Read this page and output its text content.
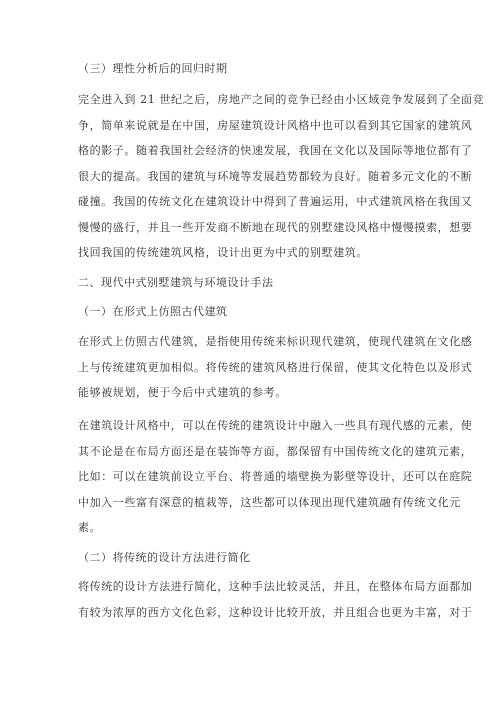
（三）理性分析后的回归时期
完全进入到 21 世纪之后，房地产之间的竞争已经由小区域竞争发展到了全面竞
争，简单来说就是在中国，房屋建筑设计风格中也可以看到其它国家的建筑风
格的影子。随着我国社会经济的快速发展，我国在文化以及国际等地位都有了
很大的提高。我国的建筑与环境等发展趋势都较为良好。随着多元文化的不断
碰撞。我国的传统文化在建筑设计中得到了普遍运用，中式建筑风格在我国又
慢慢的盛行，并且一些开发商不断地在现代的别墅建设风格中慢慢摸索，想要
找回我国的传统建筑风格，设计出更为中式的别墅建筑。
二、现代中式别墅建筑与环境设计手法
（一）在形式上仿照古代建筑
在形式上仿照古代建筑，是指使用传统来标识现代建筑，使现代建筑在文化感
上与传统建筑更加相似。将传统的建筑风格进行保留，使其文化特色以及形式
能够被规划，便于今后中式建筑的参考。
在建筑设计风格中，可以在传统的建筑设计中融入一些具有现代感的元素，使
其不论是在布局方面还是在装饰等方面，都保留有中国传统文化的建筑元素，
比如：可以在建筑前设立平台、将普通的墙壁换为影壁等设计，还可以在庭院
中加入一些富有深意的植栽等，这些都可以体现出现代建筑融有传统文化元
素。
（二）将传统的设计方法进行简化
将传统的设计方法进行简化，这种手法比较灵活，并且，在整体布局方面都加
有较为浓厚的西方文化色彩，这种设计比较开放，并且组合也更为丰富，对于
